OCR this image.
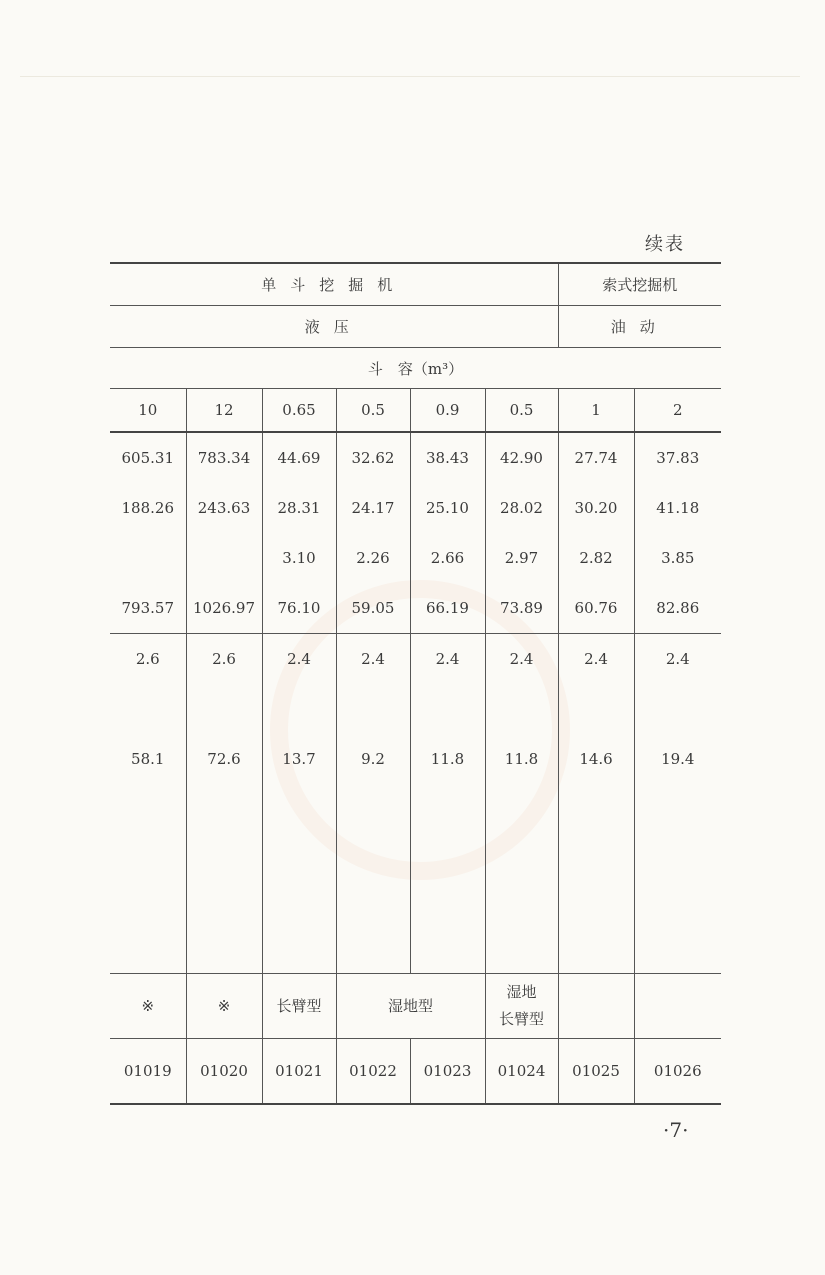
续表
单斗挖掘机						索式挖掘机	
液压						油动	
斗　容（m³）							
10	12	0.65	0.5	0.9	0.5	1	2
605.31	783.34	44.69	32.62	38.43	42.90	27.74	37.83
188.26	243.63	28.31	24.17	25.10	28.02	30.20	41.18
		3.10	2.26	2.66	2.97	2.82	3.85
793.57	1026.97	76.10	59.05	66.19	73.89	60.76	82.86
2.6	2.6	2.4	2.4	2.4	2.4	2.4	2.4

58.1	72.6	13.7	9.2	11.8	11.8	14.6	19.4

※	※	长臂型	湿地型		湿地
长臂型		
01019	01020	01021	01022	01023	01024	01025	01026
·7·
